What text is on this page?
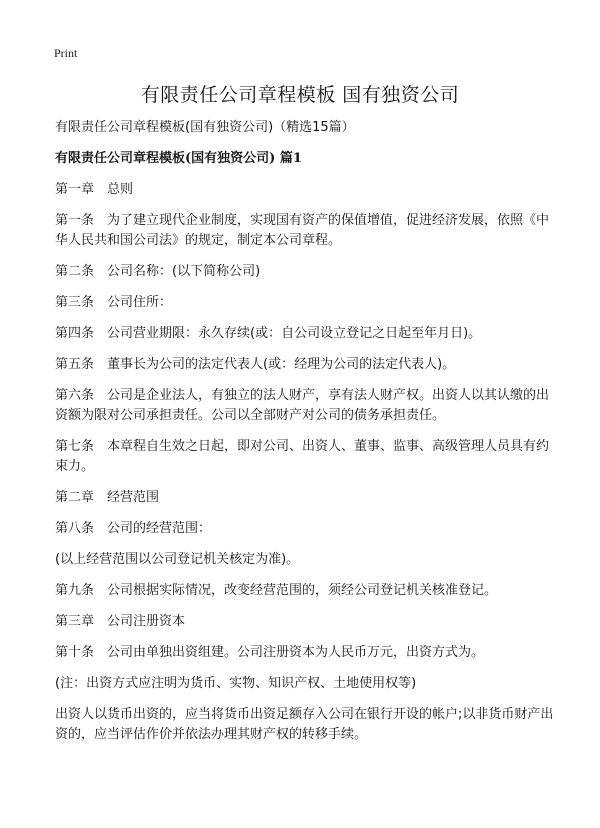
Print
有限责任公司章程模板 国有独资公司

有限责任公司章程模板(国有独资公司)（精选15篇）

有限责任公司章程模板(国有独资公司) 篇1

第一章　总则

第一条　为了建立现代企业制度，实现国有资产的保值增值，促进经济发展，依照《中华人民共和国公司法》的规定，制定本公司章程。

第二条　公司名称：(以下简称公司)

第三条　公司住所：

第四条　公司营业期限：永久存续(或：自公司设立登记之日起至年月日)。

第五条　董事长为公司的法定代表人(或：经理为公司的法定代表人)。

第六条　公司是企业法人，有独立的法人财产，享有法人财产权。出资人以其认缴的出资额为限对公司承担责任。公司以全部财产对公司的债务承担责任。

第七条　本章程自生效之日起，即对公司、出资人、董事、监事、高级管理人员具有约束力。

第二章　经营范围

第八条　公司的经营范围：

(以上经营范围以公司登记机关核定为准)。

第九条　公司根据实际情况，改变经营范围的，须经公司登记机关核准登记。

第三章　公司注册资本

第十条　公司由单独出资组建。公司注册资本为人民币万元，出资方式为。

(注：出资方式应注明为货币、实物、知识产权、土地使用权等)

出资人以货币出资的，应当将货币出资足额存入公司在银行开设的帐户;以非货币财产出资的，应当评估作价并依法办理其财产权的转移手续。
